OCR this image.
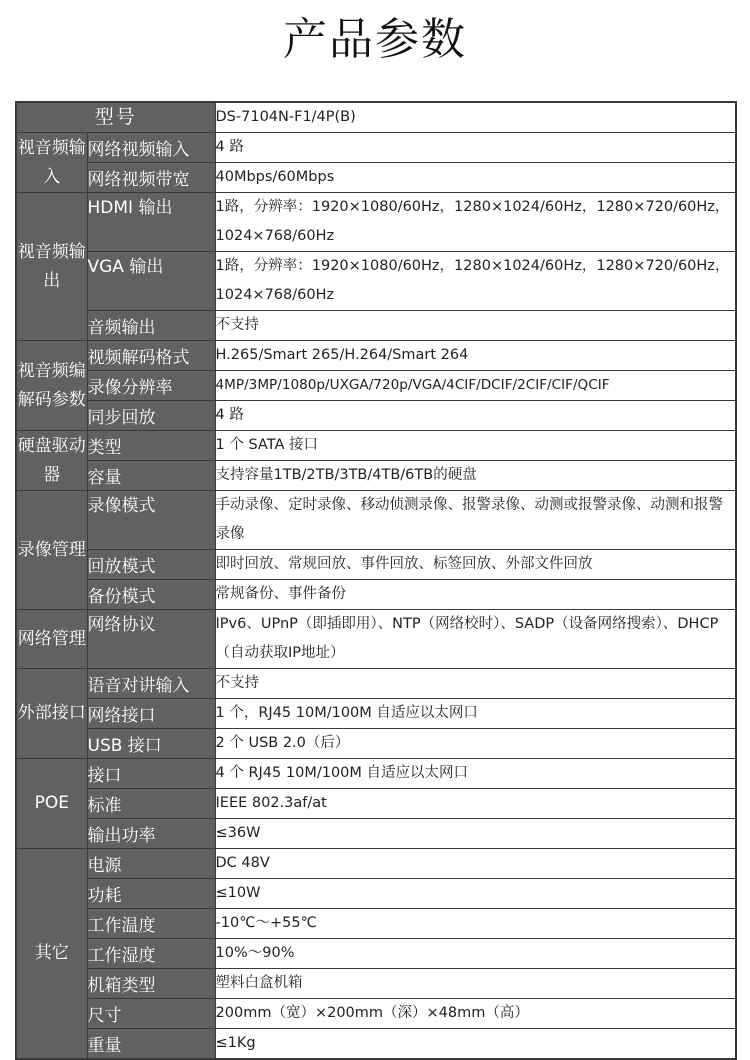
产品参数
型号		DS-7104N-F1/4P(B)
视音频输入	网络视频输入	4 路
	网络视频带宽	40Mbps/60Mbps
视音频输出	HDMI 输出	1路，分辨率：1920×1080/60Hz，1280×1024/60Hz，1280×720/60Hz，1024×768/60Hz

	VGA 输出	1路，分辨率：1920×1080/60Hz，1280×1024/60Hz，1280×720/60Hz，1024×768/60Hz

	音频输出	不支持
视音频编解码参数	视频解码格式	H.265/Smart 265/H.264/Smart 264
	录像分辨率	4MP/3MP/1080p/UXGA/720p/VGA/4CIF/DCIF/2CIF/CIF/QCIF
	同步回放	4 路
硬盘驱动器	类型	1 个 SATA 接口
	容量	支持容量1TB/2TB/3TB/4TB/6TB的硬盘
录像管理	录像模式	手动录像、定时录像、移动侦测录像、报警录像、动测或报警录像、动测和报警录像
	回放模式	即时回放、常规回放、事件回放、标签回放、外部文件回放
	备份模式	常规备份、事件备份
网络管理	网络协议	IPv6、UPnP（即插即用）、NTP（网络校时）、SADP（设备网络搜索）、DHCP（自动获取IP地址）
外部接口	语音对讲输入	不支持
	网络接口	1 个，RJ45 10M/100M 自适应以太网口
	USB 接口	2 个 USB 2.0（后）
POE	接口	4 个 RJ45 10M/100M 自适应以太网口
	标准	IEEE 802.3af/at
	输出功率	≤36W
其它	电源	DC 48V
	功耗	≤10W
	工作温度	-10℃～+55℃
	工作湿度	10%～90%
	机箱类型	塑料白盒机箱
	尺寸	200mm（宽）×200mm（深）×48mm（高）
	重量	≤1Kg
